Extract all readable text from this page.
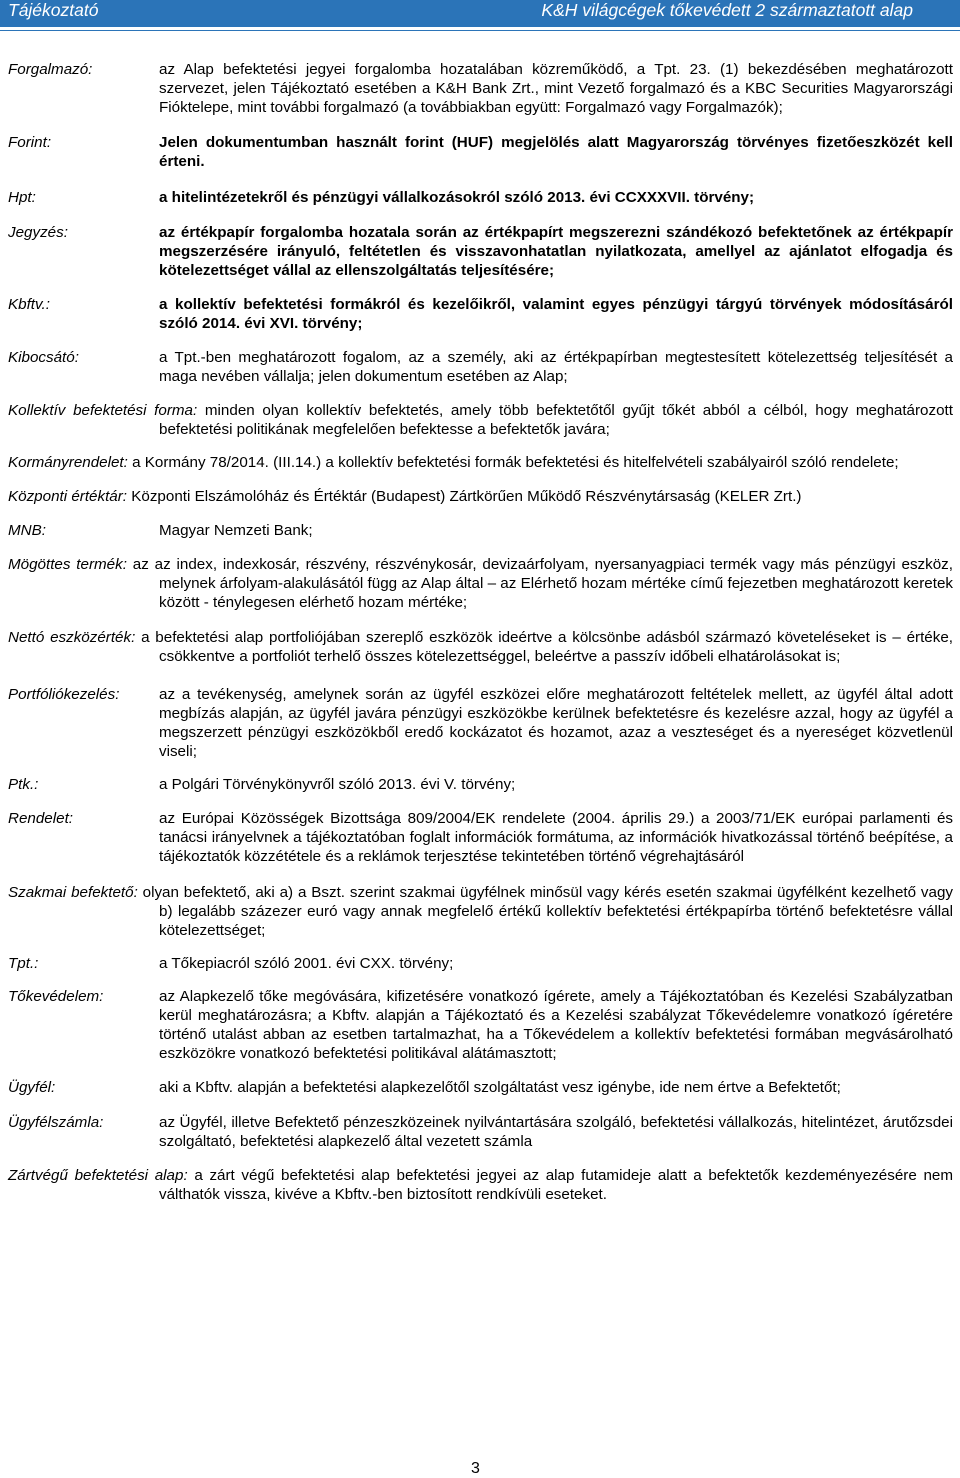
Tájékoztató	K&H világcégek tőkevédett 2 származtatott alap
Forgalmazó:	az Alap befektetési jegyei forgalomba hozatalában közreműködő, a Tpt. 23. (1) bekezdésében meghatározott szervezet, jelen Tájékoztató esetében a K&H Bank Zrt., mint Vezető forgalmazó és a KBC Securities Magyarországi Fióktelepe, mint további forgalmazó (a továbbiakban együtt: Forgalmazó vagy Forgalmazók);
Forint:	Jelen dokumentumban használt forint (HUF) megjelölés alatt Magyarország törvényes fizetőeszközét kell érteni.
Hpt:	a hitelintézetekről és pénzügyi vállalkozásokról szóló 2013. évi CCXXXVII. törvény;
Jegyzés:	az értékpapír forgalomba hozatala során az értékpapírt megszerezni szándékozó befektetőnek az értékpapír megszerzésére irányuló, feltétetlen és visszavonhatatlan nyilatkozata, amellyel az ajánlatot elfogadja és kötelezettséget vállal az ellenszolgáltatás teljesítésére;
Kbftv.:	a kollektív befektetési formákról és kezelőikről, valamint egyes pénzügyi tárgyú törvények módosításáról szóló 2014. évi XVI. törvény;
Kibocsátó:	a Tpt.-ben meghatározott fogalom, az a személy, aki az értékpapírban megtestesített kötelezettség teljesítését a maga nevében vállalja; jelen dokumentum esetében az Alap;
Kollektív befektetési forma: minden olyan kollektív befektetés, amely több befektetőtől gyűjt tőkét abból a célból, hogy meghatározott befektetési politikának megfelelően befektesse a befektetők javára;
Kormányrendelet: a Kormány 78/2014. (III.14.) a kollektív befektetési formák befektetési és hitelfelvételi szabályairól szóló rendelete;
Központi értéktár: Központi Elszámolóház és Értéktár (Budapest) Zártkörűen Működő Részvénytársaság (KELER Zrt.)
MNB:	Magyar Nemzeti Bank;
Mögöttes termék: az az index, indexkosár, részvény, részvénykosár, devizaárfolyam, nyersanyagpiaci termék vagy más pénzügyi eszköz, melynek árfolyam-alakulásától függ az Alap által – az Elérhető hozam mértéke című fejezetben meghatározott keretek között - ténylegesen elérhető hozam mértéke;
Nettó eszközérték: a befektetési alap portfoliójában szereplő eszközök ideértve a kölcsönbe adásból származó követeléseket is – értéke, csökkentve a portfoliót terhelő összes kötelezettséggel, beleértve a passzív időbeli elhatárolásokat is;
Portfóliókezelés:	az a tevékenység, amelynek során az ügyfél eszközei előre meghatározott feltételek mellett, az ügyfél által adott megbízás alapján, az ügyfél javára pénzügyi eszközökbe kerülnek befektetésre és kezelésre azzal, hogy az ügyfél a megszerzett pénzügyi eszközökből eredő kockázatot és hozamot, azaz a veszteséget és a nyereséget közvetlenül viseli;
Ptk.:	a Polgári Törvénykönyvről szóló 2013. évi V. törvény;
Rendelet:	az Európai Közösségek Bizottsága 809/2004/EK rendelete (2004. április 29.) a 2003/71/EK európai parlamenti és tanácsi irányelvnek a tájékoztatóban foglalt információk formátuma, az információk hivatkozással történő beépítése, a tájékoztatók közzététele és a reklámok terjesztése tekintetében történő végrehajtásáról
Szakmai befektető: olyan befektető, aki a) a Bszt. szerint szakmai ügyfélnek minősül vagy kérés esetén szakmai ügyfélként kezelhető vagy b) legalább százezer euró vagy annak megfelelő értékű kollektív befektetési értékpapírba történő befektetésre vállal kötelezettséget;
Tpt.:	a Tőkepiacról szóló 2001. évi CXX. törvény;
Tőkevédelem:	az Alapkezelő tőke megóvására, kifizetésére vonatkozó ígérete, amely a Tájékoztatóban és Kezelési Szabályzatban kerül meghatározásra; a Kbftv. alapján a Tájékoztató és a Kezelési szabályzat Tőkevédelemre vonatkozó ígéretére történő utalást abban az esetben tartalmazhat, ha a Tőkevédelem a kollektív befektetési formában megvásárolható eszközökre vonatkozó befektetési politikával alátámasztott;
Ügyfél:	aki a Kbftv. alapján a befektetési alapkezelőtől szolgáltatást vesz igénybe, ide nem értve a Befektetőt;
Ügyfélszámla:	az Ügyfél, illetve Befektető pénzeszközeinek nyilvántartására szolgáló, befektetési vállalkozás, hitelintézet, árutőzsdei szolgáltató, befektetési alapkezelő által vezetett számla
Zártvégű befektetési alap: a zárt végű befektetési alap befektetési jegyei az alap futamideje alatt a befektetők kezdeményezésére nem válthatók vissza, kivéve a Kbftv.-ben biztosított rendkívüli eseteket.
3
